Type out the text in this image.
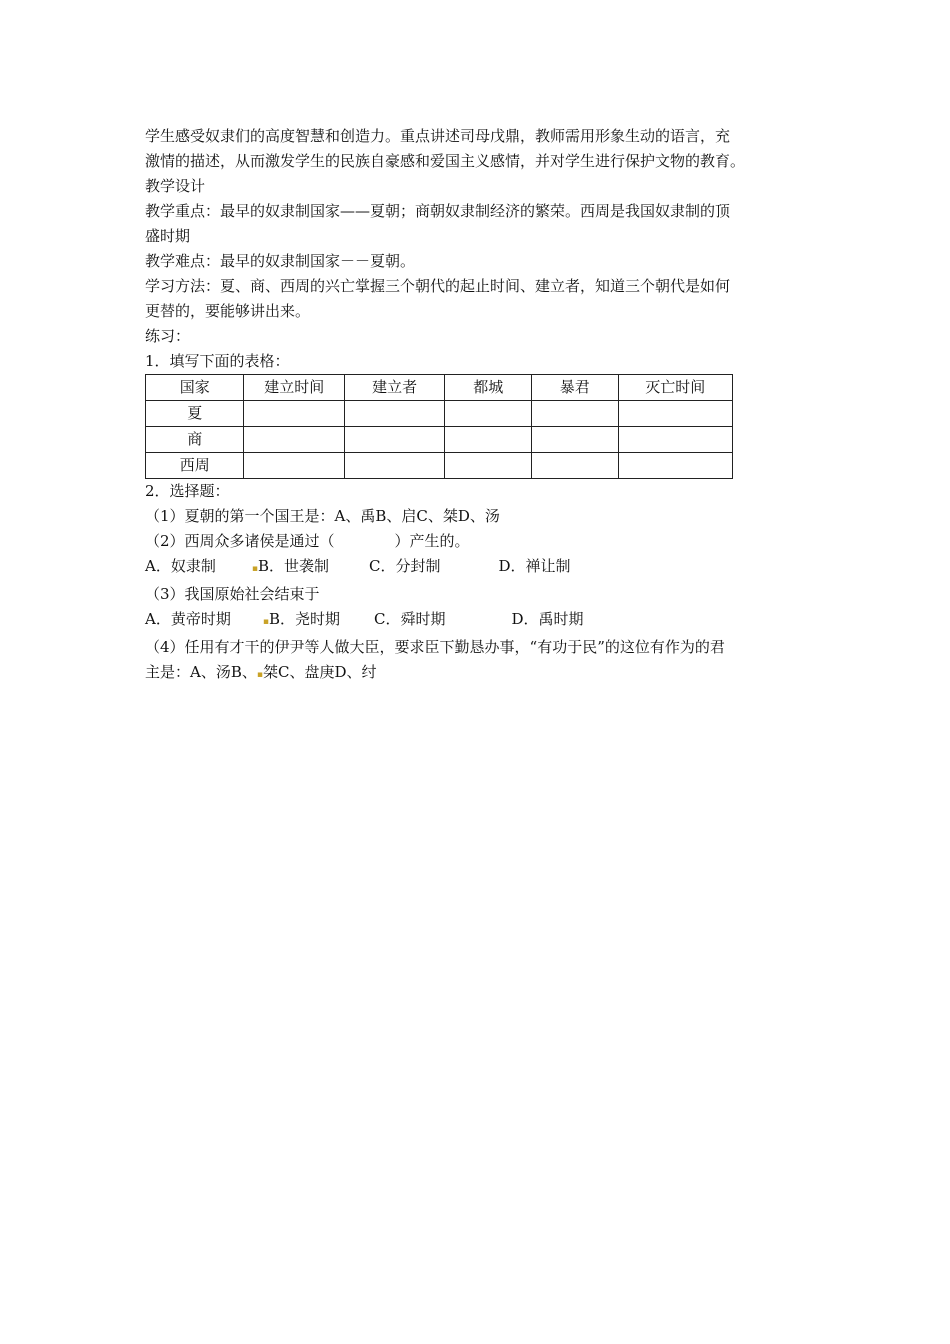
学生感受奴隶们的高度智慧和创造力。重点讲述司母戊鼎，教师需用形象生动的语言，充
激情的描述，从而激发学生的民族自豪感和爱国主义感情，并对学生进行保护文物的教育。
教学设计
教学重点：最早的奴隶制国家——夏朝；商朝奴隶制经济的繁荣。西周是我国奴隶制的顶
盛时期
教学难点：最早的奴隶制国家－－夏朝。
学习方法：夏、商、西周的兴亡掌握三个朝代的起止时间、建立者，知道三个朝代是如何
更替的，要能够讲出来。
练习：
1．填写下面的表格：
国家	建立时间	建立者	都城	暴君	灭亡时间
夏					
商					
西周					
2．选择题：
（1）夏朝的第一个国王是：A、禹B、启C、桀D、汤
（2）西周众多诸侯是通过（　　　　）产生的。
A．奴隶制	▪B．世袭制	C．分封制	D．禅让制
（3）我国原始社会结束于
A．黄帝时期	▪B．尧时期 C．舜时期	D．禹时期
（4）任用有才干的伊尹等人做大臣，要求臣下勤恳办事，“有功于民”的这位有作为的君
主是：A、汤B、▪桀C、盘庚D、纣
